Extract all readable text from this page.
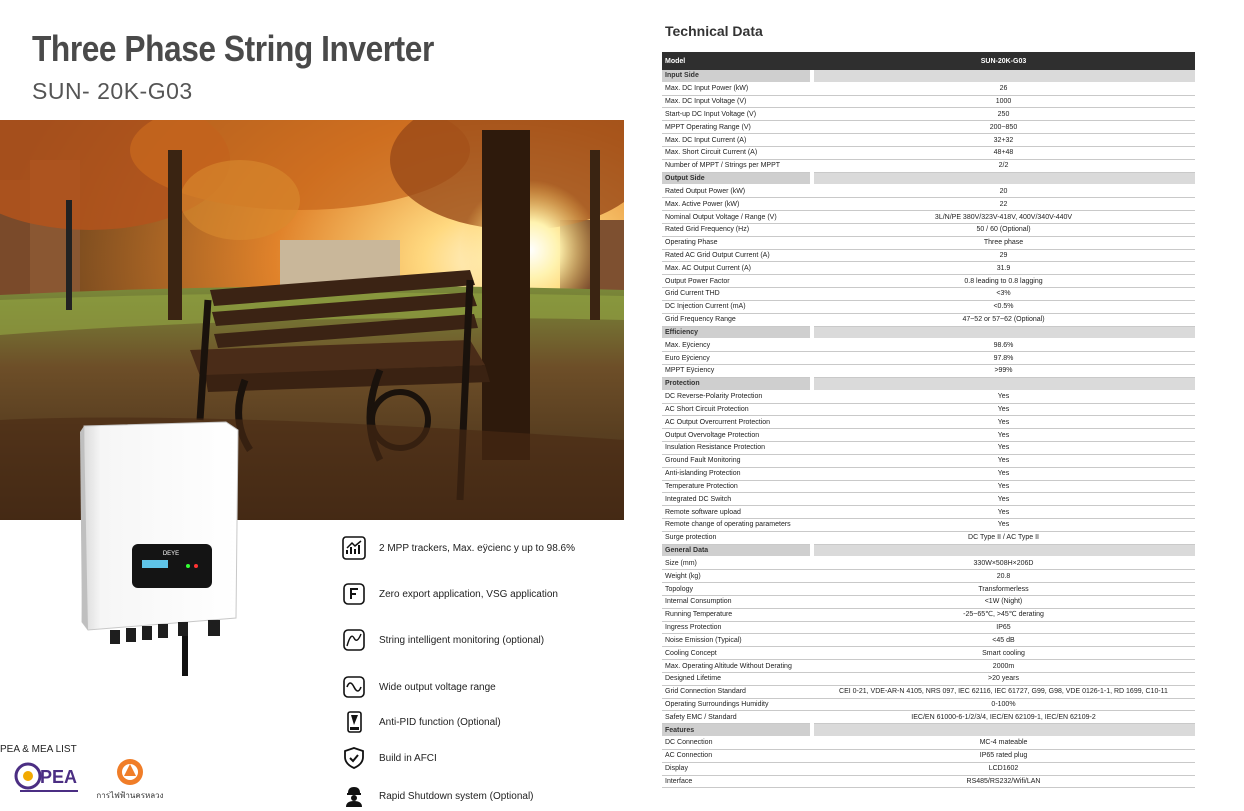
Three Phase String Inverter
SUN- 20K-G03
DEYE
2 MPP trackers, Max. eÿcienc y up to 98.6%
Zero export application, VSG application
String intelligent monitoring (optional)
Wide output voltage range
Anti-PID function (Optional)
Build in AFCI
Rapid Shutdown system (Optional)
PEA & MEA LIST
PEA
การไฟฟ้านครหลวง
Technical Data
Model	SUN-20K-G03
Input Side	
Max. DC Input Power (kW)	26
Max. DC Input Voltage (V)	1000
Start-up DC Input Voltage (V)	250
MPPT Operating Range (V)	200~850
Max. DC Input Current (A)	32+32
Max. Short Circuit Current (A)	48+48
Number of MPPT / Strings per MPPT	2/2
Output Side	
Rated Output Power (kW)	20
Max. Active Power (kW)	22
Nominal Output Voltage / Range (V)	3L/N/PE 380V/323V-418V, 400V/340V-440V
Rated Grid Frequency (Hz)	50 / 60 (Optional)
Operating Phase	Three phase
Rated AC Grid Output Current (A)	29
Max. AC Output Current (A)	31.9
Output Power Factor	0.8 leading to 0.8 lagging
Grid Current THD	<3%
DC Injection Current (mA)	<0.5%
Grid Frequency Range	47~52 or 57~62 (Optional)
Efficiency	
Max. Eÿciency	98.6%
Euro Eÿciency	97.8%
MPPT Eÿciency	>99%
Protection	
DC Reverse-Polarity Protection	Yes
AC Short Circuit Protection	Yes
AC Output Overcurrent Protection	Yes
Output Overvoltage Protection	Yes
Insulation Resistance Protection	Yes
Ground Fault Monitoring	Yes
Anti-islanding Protection	Yes
Temperature Protection	Yes
Integrated DC Switch	Yes
Remote software upload	Yes
Remote change of operating parameters	Yes
Surge protection	DC Type II / AC Type II
General Data	
Size (mm)	330W×508H×206D
Weight (kg)	20.8
Topology	Transformerless
Internal Consumption	<1W (Night)
Running Temperature	-25~65℃, >45℃ derating
Ingress Protection	IP65
Noise Emission (Typical)	<45 dB
Cooling Concept	Smart cooling
Max. Operating Altitude Without Derating	2000m
Designed Lifetime	>20 years
Grid Connection Standard	CEI 0-21, VDE-AR-N 4105, NRS 097, IEC 62116, IEC 61727, G99, G98, VDE 0126-1-1, RD 1699, C10-11
Operating Surroundings Humidity	0-100%
Safety EMC / Standard	IEC/EN 61000-6-1/2/3/4, IEC/EN 62109-1, IEC/EN 62109-2
Features	
DC Connection	MC-4 mateable
AC Connection	IP65 rated plug
Display	LCD1602
Interface	RS485/RS232/Wifi/LAN
